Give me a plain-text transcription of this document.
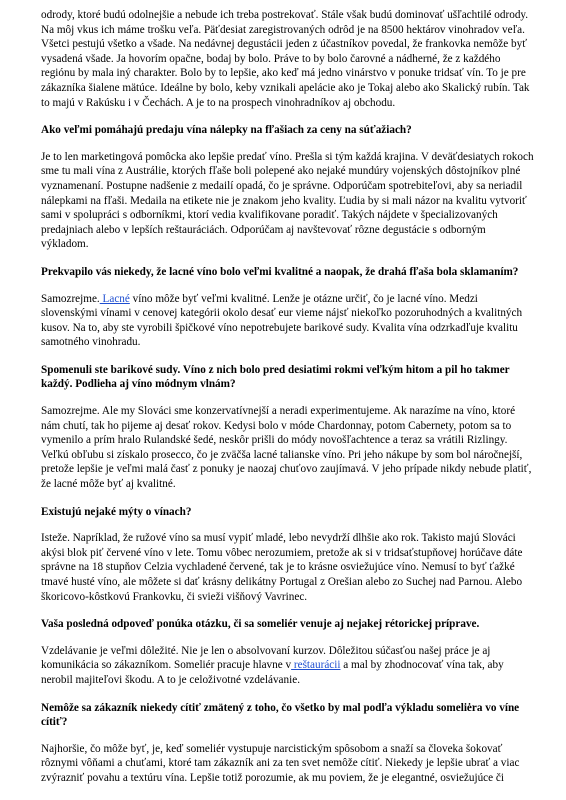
odrody, ktoré budú odolnejšie a nebude ich treba postrekovať. Stále však budú dominovať ušľachtilé odrody. Na môj vkus ich máme trošku veľa. Päťdesiat zaregistrovaných odrôd je na 8500 hektárov vinohradov veľa. Všetci pestujú všetko a všade. Na nedávnej degustácii jeden z účastníkov povedal, že frankovka nemôže byť vysadená všade. Ja hovorím opačne, bodaj by bolo. Práve to by bolo čarovné a nádherné, že z každého regiónu by mala iný charakter. Bolo by to lepšie, ako keď má jedno vinárstvo v ponuke tridsať vín. To je pre zákazníka šialene mätúce. Ideálne by bolo, keby vznikali apelácie ako je Tokaj alebo ako Skalický rubín. Tak to majú v Rakúsku i v Čechách. A je to na prospech vinohradníkov aj obchodu.

Ako veľmi pomáhajú predaju vína nálepky na fľašiach za ceny na súťažiach?

Je to len marketingová pomôcka ako lepšie predať víno. Prešla si tým každá krajina. V deväťdesiatych rokoch sme tu mali vína z Austrálie, ktorých fľaše boli polepené ako nejaké mundúry vojenských dôstojníkov plné vyznamenaní. Postupne nadšenie z medailí opadá, čo je správne. Odporúčam spotrebiteľovi, aby sa neriadil nálepkami na fľaši. Medaila na etikete nie je znakom jeho kvality. Ľudia by si mali názor na kvalitu vytvoriť sami v spolupráci s odborníkmi, ktorí vedia kvalifikovane poradiť. Takých nájdete v špecializovaných predajniach alebo v lepších reštauráciách. Odporúčam aj navštevovať rôzne degustácie s odborným výkladom.

Prekvapilo vás niekedy, že lacné víno bolo veľmi kvalitné a naopak, že drahá fľaša bola sklamaním?

Samozrejme. Lacné víno môže byť veľmi kvalitné. Lenže je otázne určiť, čo je lacné víno. Medzi slovenskými vínami v cenovej kategórii okolo desať eur vieme nájsť niekoľko pozoruhodných a kvalitných kusov. Na to, aby ste vyrobili špičkové víno nepotrebujete barikové sudy. Kvalita vína odzrkadľuje kvalitu samotného vinohradu.

Spomenuli ste barikové sudy. Víno z nich bolo pred desiatimi rokmi veľkým hitom a pil ho takmer každý. Podlieha aj víno módnym vlnám?

Samozrejme. Ale my Slováci sme konzervatívnejší a neradi experimentujeme. Ak narazíme na víno, ktoré nám chutí, tak ho pijeme aj desať rokov. Kedysi bolo v móde Chardonnay, potom Cabernety, potom sa to vymenilo a prím hralo Rulandské šedé, neskôr prišli do módy novošľachtence a teraz sa vrátili Rizlingy. Veľkú obľubu si získalo prosecco, čo je zväčša lacné talianske víno. Pri jeho nákupe by som bol náročnejší, pretože lepšie je veľmi malá časť z ponuky je naozaj chuťovo zaujímavá. V jeho prípade nikdy nebude platiť, že lacné môže byť aj kvalitné.

Existujú nejaké mýty o vínach?

Isteže. Napríklad, že ružové víno sa musí vypiť mladé, lebo nevydrží dlhšie ako rok. Takisto majú Slováci akýsi blok piť červené víno v lete. Tomu vôbec nerozumiem, pretože ak si v tridsaťstupňovej horúčave dáte správne na 18 stupňov Celzia vychladené červené, tak je to krásne osviežujúce víno. Nemusí to byť ťažké tmavé husté víno, ale môžete si dať krásny delikátny Portugal z Orešian alebo zo Suchej nad Parnou. Alebo škoricovo-kôstkovú Frankovku, či svieži višňový Vavrinec.

Vaša posledná odpoveď ponúka otázku, či sa someliér venuje aj nejakej rétorickej príprave.

Vzdelávanie je veľmi dôležité. Nie je len o absolvovaní kurzov. Dôležitou súčasťou našej práce je aj komunikácia so zákazníkom. Someliér pracuje hlavne v reštaurácii a mal by zhodnocovať vína tak, aby nerobil majiteľovi škodu. A to je celoživotné vzdelávanie.

Nemôže sa zákazník niekedy cítiť zmätený z toho, čo všetko by mal podľa výkladu someliėra vo víne cítiť?

Najhoršie, čo môže byť, je, keď someliér vystupuje narcistickým spôsobom a snaží sa človeka šokovať rôznymi vôňami a chuťami, ktoré tam zákazník ani za ten svet nemôže cítiť. Niekedy je lepšie ubrať a viac zvýrazniť povahu a textúru vína. Lepšie totiž porozumie, ak mu poviem, že je elegantné, osviežujúce či
